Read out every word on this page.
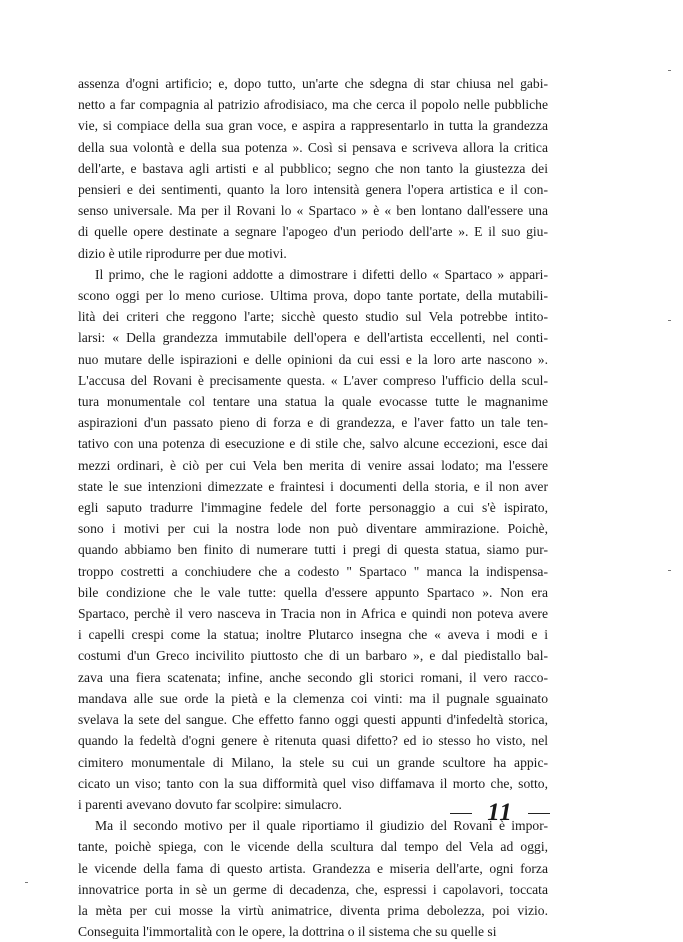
assenza d'ogni artificio; e, dopo tutto, un'arte che sdegna di star chiusa nel gabi-
netto a far compagnia al patrizio afrodisiaco, ma che cerca il popolo nelle pubbliche
vie, si compiace della sua gran voce, e aspira a rappresentarlo in tutta la grandezza
della sua volontà e della sua potenza ». Così si pensava e scriveva allora la critica
dell'arte, e bastava agli artisti e al pubblico; segno che non tanto la giustezza dei
pensieri e dei sentimenti, quanto la loro intensità genera l'opera artistica e il con-
senso universale. Ma per il Rovani lo « Spartaco » è « ben lontano dall'essere una
di quelle opere destinate a segnare l'apogeo d'un periodo dell'arte ». E il suo giu-
dizio è utile riprodurre per due motivi.
Il primo, che le ragioni addotte a dimostrare i difetti dello « Spartaco » appari-
scono oggi per lo meno curiose. Ultima prova, dopo tante portate, della mutabili-
lità dei criteri che reggono l'arte; sicchè questo studio sul Vela potrebbe intito-
larsi: « Della grandezza immutabile dell'opera e dell'artista eccellenti, nel conti-
nuo mutare delle ispirazioni e delle opinioni da cui essi e la loro arte nascono ».
L'accusa del Rovani è precisamente questa. « L'aver compreso l'ufficio della scul-
tura monumentale col tentare una statua la quale evocasse tutte le magnanime
aspirazioni d'un passato pieno di forza e di grandezza, e l'aver fatto un tale ten-
tativo con una potenza di esecuzione e di stile che, salvo alcune eccezioni, esce dai
mezzi ordinari, è ciò per cui Vela ben merita di venire assai lodato; ma l'essere
state le sue intenzioni dimezzate e fraintesi i documenti della storia, e il non aver
egli saputo tradurre l'immagine fedele del forte personaggio a cui s'è ispirato,
sono i motivi per cui la nostra lode non può diventare ammirazione. Poichè,
quando abbiamo ben finito di numerare tutti i pregi di questa statua, siamo pur-
troppo costretti a conchiudere che a codesto " Spartaco " manca la indispensa-
bile condizione che le vale tutte: quella d'essere appunto Spartaco ». Non era
Spartaco, perchè il vero nasceva in Tracia non in Africa e quindi non poteva avere
i capelli crespi come la statua; inoltre Plutarco insegna che « aveva i modi e i
costumi d'un Greco incivilito piuttosto che di un barbaro », e dal piedistallo bal-
zava una fiera scatenata; infine, anche secondo gli storici romani, il vero racco-
mandava alle sue orde la pietà e la clemenza coi vinti: ma il pugnale sguainato
svelava la sete del sangue. Che effetto fanno oggi questi appunti d'infedeltà storica,
quando la fedeltà d'ogni genere è ritenuta quasi difetto? ed io stesso ho visto, nel
cimitero monumentale di Milano, la stele su cui un grande scultore ha appic-
cicato un viso; tanto con la sua difformità quel viso diffamava il morto che, sotto,
i parenti avevano dovuto far scolpire: simulacro.
Ma il secondo motivo per il quale riportiamo il giudizio del Rovani è impor-
tante, poichè spiega, con le vicende della scultura dal tempo del Vela ad oggi,
le vicende della fama di questo artista. Grandezza e miseria dell'arte, ogni forza
innovatrice porta in sè un germe di decadenza, che, espressi i capolavori, toccata
la mèta per cui mosse la virtù animatrice, diventa prima debolezza, poi vizio.
Conseguita l'immortalità con le opere, la dottrina o il sistema che su quelle si
11
